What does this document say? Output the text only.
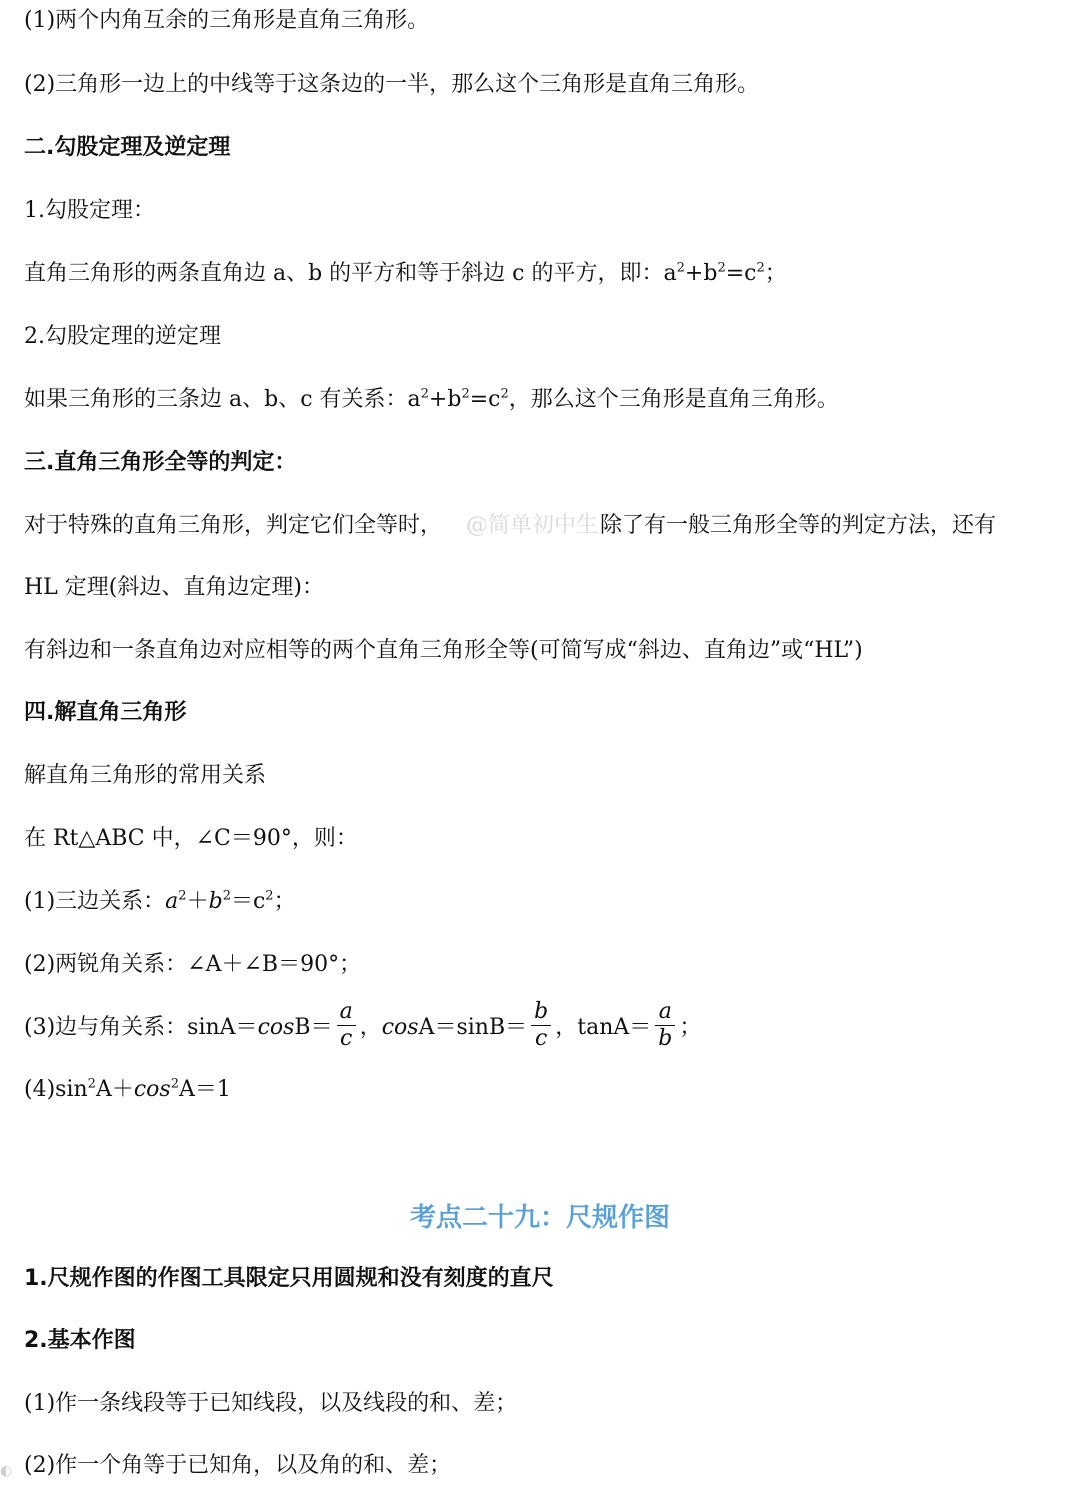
(1)两个内角互余的三角形是直角三角形。
(2)三角形一边上的中线等于这条边的一半，那么这个三角形是直角三角形。
二.勾股定理及逆定理
1.勾股定理：
直角三角形的两条直角边 a、b 的平方和等于斜边 c 的平方，即：$a^2+b^2=c^2$；
2.勾股定理的逆定理
如果三角形的三条边 a、b、c 有关系：$a^2+b^2=c^2$，那么这个三角形是直角三角形。
三.直角三角形全等的判定：
对于特殊的直角三角形，判定它们全等时， @简单初中生除了有一般三角形全等的判定方法，还有
HL 定理(斜边、直角边定理)：
有斜边和一条直角边对应相等的两个直角三角形全等(可简写成“斜边、直角边”或“HL”)
四.解直角三角形
解直角三角形的常用关系
在 Rt△ABC 中，∠C＝90°，则：
(1)三边关系：$a^2+b^2=c^2$；
(2)两锐角关系：∠A＋∠B＝90°；
(3)边与角关系：$\sin A=\cos B= \frac{a}{c}$ ，$\cos A=\sin B= \frac{b}{c}$ ，$\tan A= \frac{a}{b}$ ；
$(4)\sin^2A+\cos^2A=1$
考点二十九：尺规作图
1.尺规作图的作图工具限定只用圆规和没有刻度的直尺
2.基本作图
(1)作一条线段等于已知线段，以及线段的和、差；
(2)作一个角等于已知角，以及角的和、差；
◐
